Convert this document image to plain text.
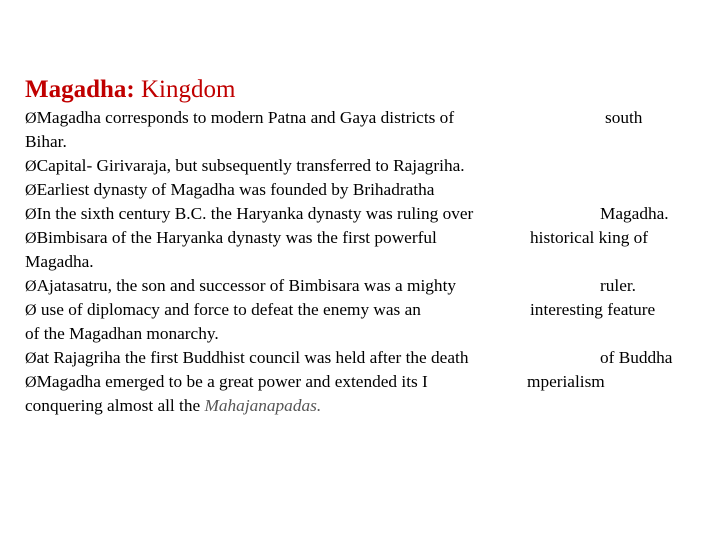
Magadha: Kingdom
ØMagadha corresponds to modern Patna and Gaya districts of	south
Bihar.
ØCapital- Girivaraja, but subsequently transferred to Rajagriha.
ØEarliest dynasty of Magadha was founded by Brihadratha
ØIn the sixth century B.C. the Haryanka dynasty was ruling over	Magadha.
ØBimbisara of the Haryanka dynasty was the first powerful	historical king of
Magadha.
ØAjatasatru, the son and successor of Bimbisara was a mighty	ruler.
Ø use of diplomacy and force to defeat the enemy was an	interesting feature
of the Magadhan monarchy.
Øat Rajagriha the first Buddhist council was held after the death	of Buddha
ØMagadha emerged to be a great power and extended its I	mperialism
conquering almost all the Mahajanapadas.
